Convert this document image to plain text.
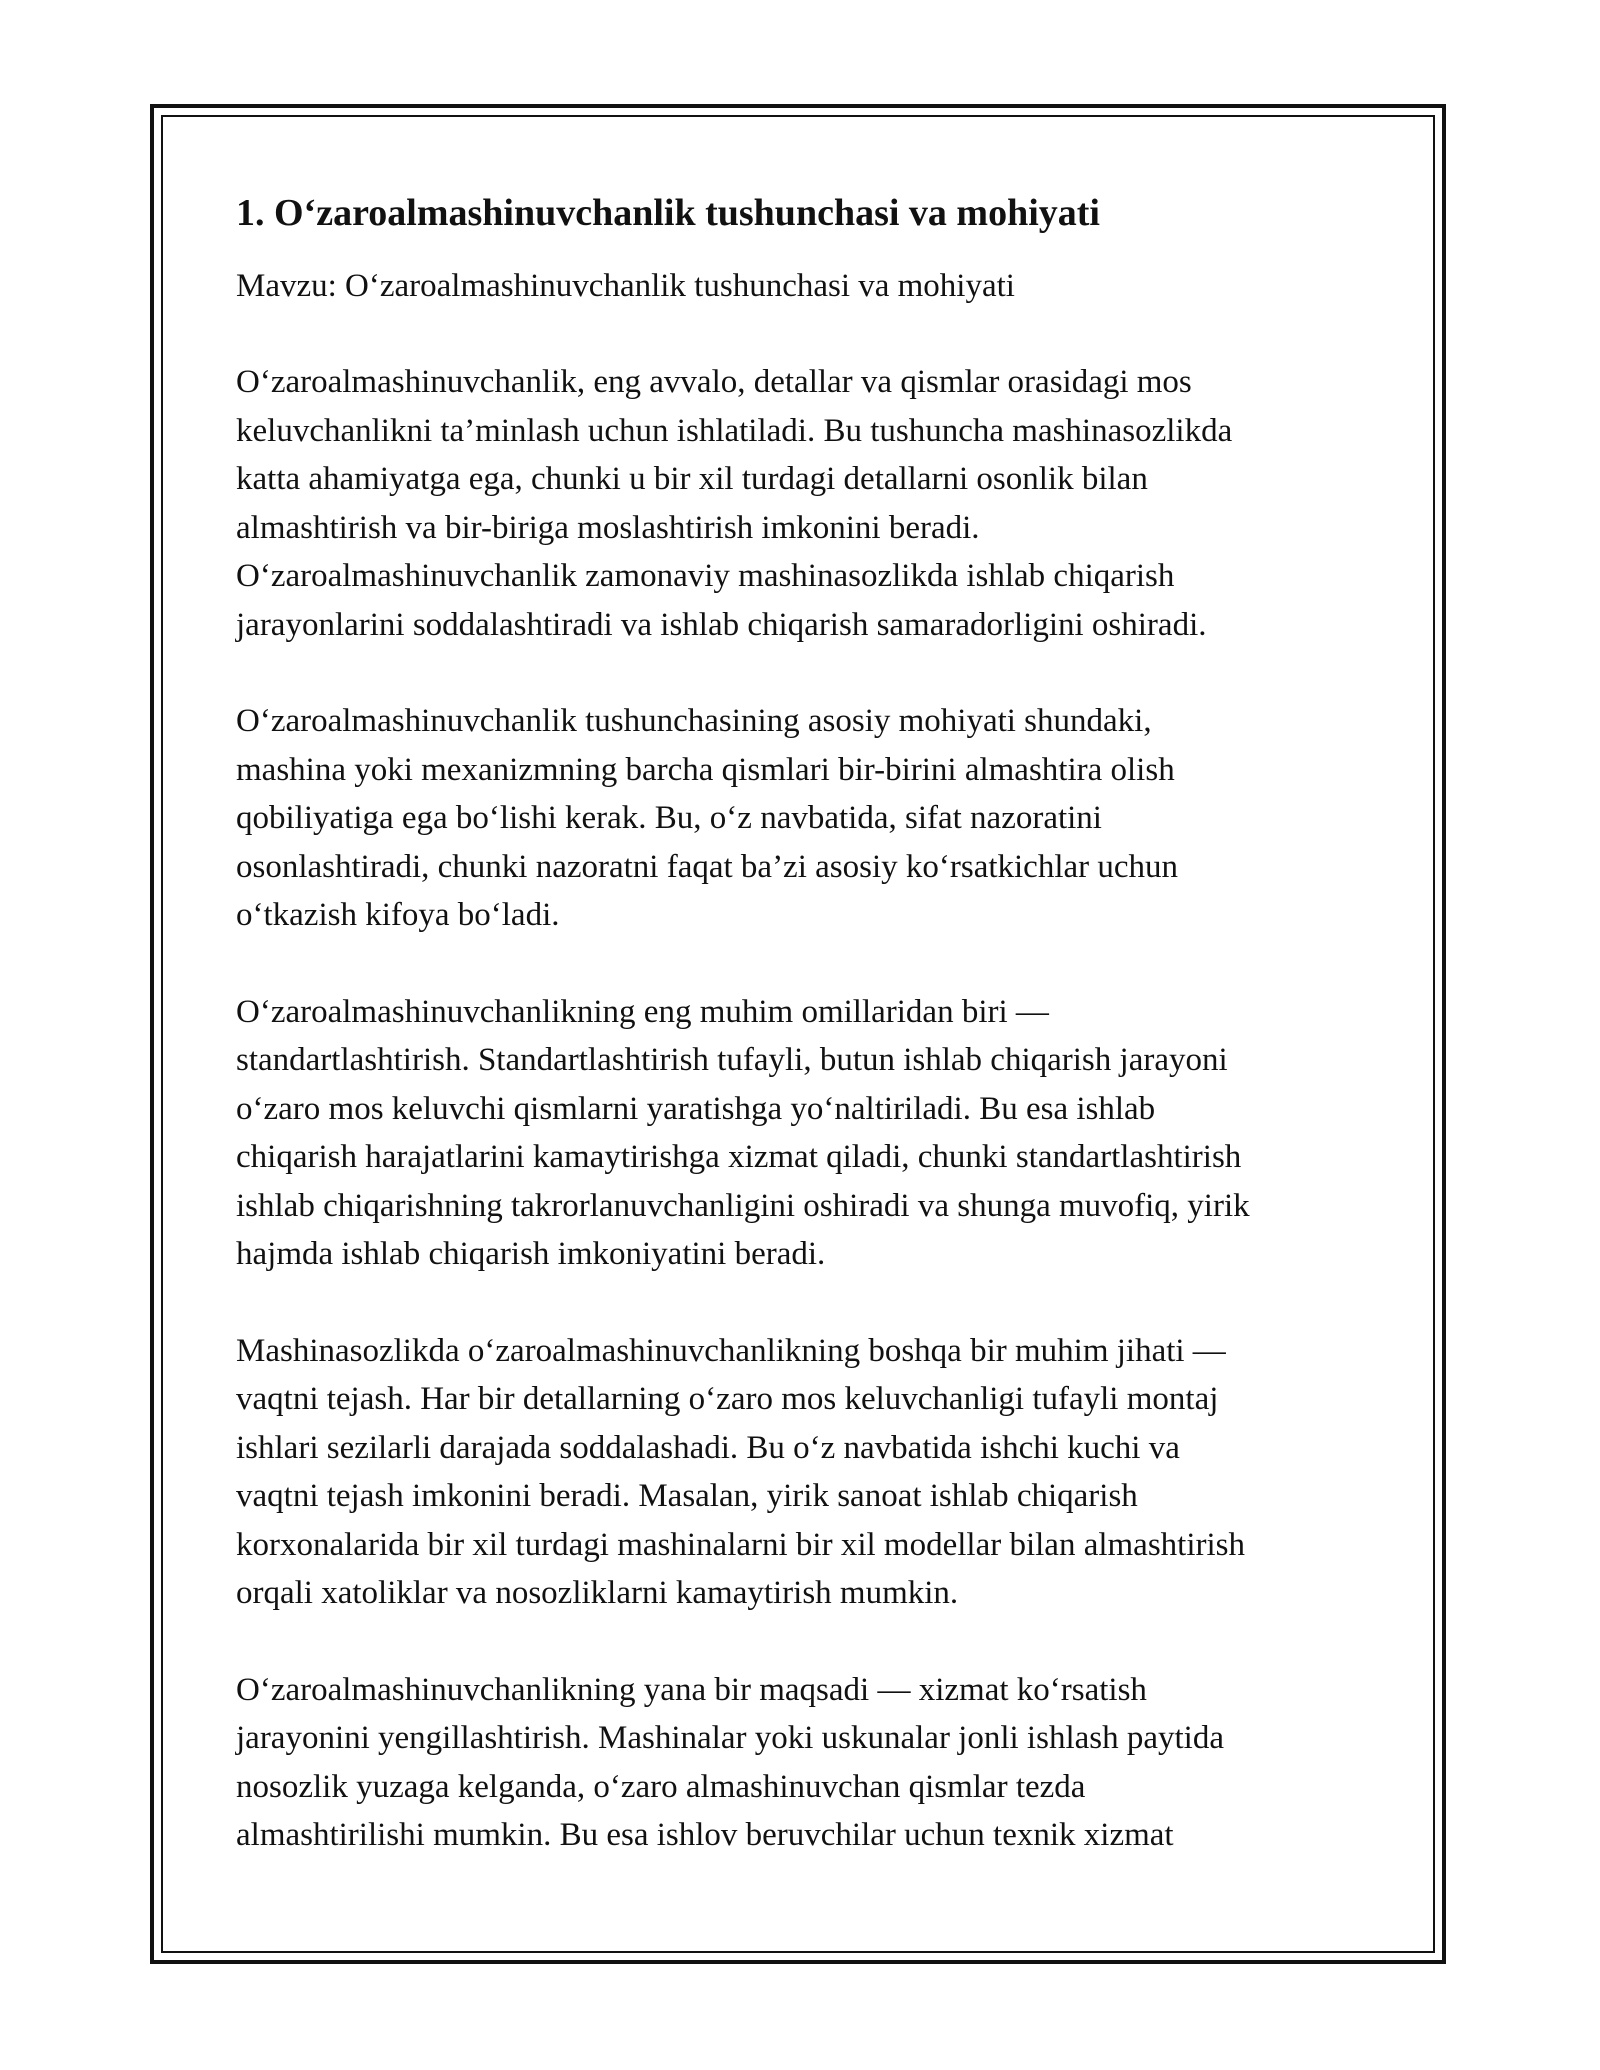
1. O‘zaroalmashinuvchanlik tushunchasi va mohiyati
Mavzu: O‘zaroalmashinuvchanlik tushunchasi va mohiyati
O‘zaroalmashinuvchanlik, eng avvalo, detallar va qismlar orasidagi mos
keluvchanlikni ta’minlash uchun ishlatiladi. Bu tushuncha mashinasozlikda
katta ahamiyatga ega, chunki u bir xil turdagi detallarni osonlik bilan
almashtirish va bir-biriga moslashtirish imkonini beradi.
O‘zaroalmashinuvchanlik zamonaviy mashinasozlikda ishlab chiqarish
jarayonlarini soddalashtiradi va ishlab chiqarish samaradorligini oshiradi.
O‘zaroalmashinuvchanlik tushunchasining asosiy mohiyati shundaki,
mashina yoki mexanizmning barcha qismlari bir-birini almashtira olish
qobiliyatiga ega bo‘lishi kerak. Bu, o‘z navbatida, sifat nazoratini
osonlashtiradi, chunki nazoratni faqat ba’zi asosiy ko‘rsatkichlar uchun
o‘tkazish kifoya bo‘ladi.
O‘zaroalmashinuvchanlikning eng muhim omillaridan biri —
standartlashtirish. Standartlashtirish tufayli, butun ishlab chiqarish jarayoni
o‘zaro mos keluvchi qismlarni yaratishga yo‘naltiriladi. Bu esa ishlab
chiqarish harajatlarini kamaytirishga xizmat qiladi, chunki standartlashtirish
ishlab chiqarishning takrorlanuvchanligini oshiradi va shunga muvofiq, yirik
hajmda ishlab chiqarish imkoniyatini beradi.
Mashinasozlikda o‘zaroalmashinuvchanlikning boshqa bir muhim jihati —
vaqtni tejash. Har bir detallarning o‘zaro mos keluvchanligi tufayli montaj
ishlari sezilarli darajada soddalashadi. Bu o‘z navbatida ishchi kuchi va
vaqtni tejash imkonini beradi. Masalan, yirik sanoat ishlab chiqarish
korxonalarida bir xil turdagi mashinalarni bir xil modellar bilan almashtirish
orqali xatoliklar va nosozliklarni kamaytirish mumkin.
O‘zaroalmashinuvchanlikning yana bir maqsadi — xizmat ko‘rsatish
jarayonini yengillashtirish. Mashinalar yoki uskunalar jonli ishlash paytida
nosozlik yuzaga kelganda, o‘zaro almashinuvchan qismlar tezda
almashtirilishi mumkin. Bu esa ishlov beruvchilar uchun texnik xizmat
